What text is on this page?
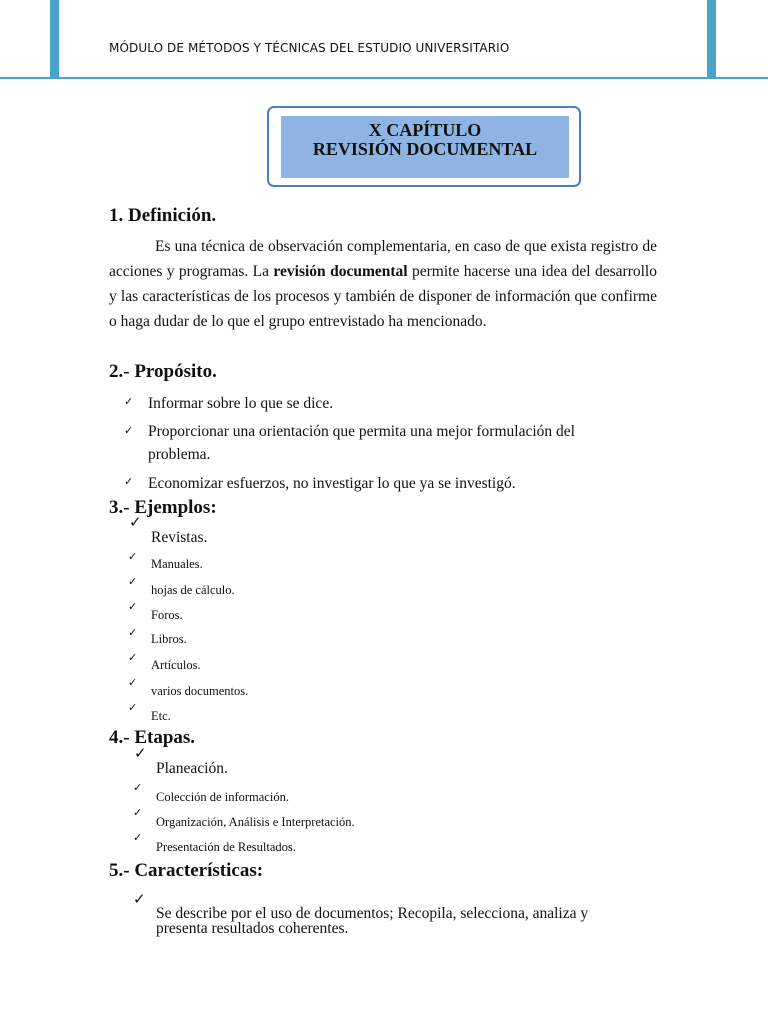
MÓDULO DE MÉTODOS Y TÉCNICAS DEL ESTUDIO UNIVERSITARIO
X CAPÍTULO
REVISIÓN DOCUMENTAL
1. Definición.
Es una técnica de observación complementaria, en caso de que exista registro de acciones y programas. La revisión documental permite hacerse una idea del desarrollo y las características de los procesos y también de disponer de información que confirme o haga dudar de lo que el grupo entrevistado ha mencionado.
2.- Propósito.
✓ Informar sobre lo que se dice.
✓ Proporcionar una orientación que permita una mejor formulación del problema.
✓ Economizar esfuerzos, no investigar lo que ya se investigó.
3.- Ejemplos:
✓
Revistas.
✓
Manuales.
✓
hojas de cálculo.
✓
Foros.
✓ Libros.
✓
Artículos.
✓
varios documentos.
✓
Etc.
4.- Etapas.
✓
Planeación.
✓
Colección de información.
✓
Organización, Análisis e Interpretación.
✓
Presentación de Resultados.
5.- Características:
✓
Se describe por el uso de documentos; Recopila, selecciona, analiza y presenta resultados coherentes.
